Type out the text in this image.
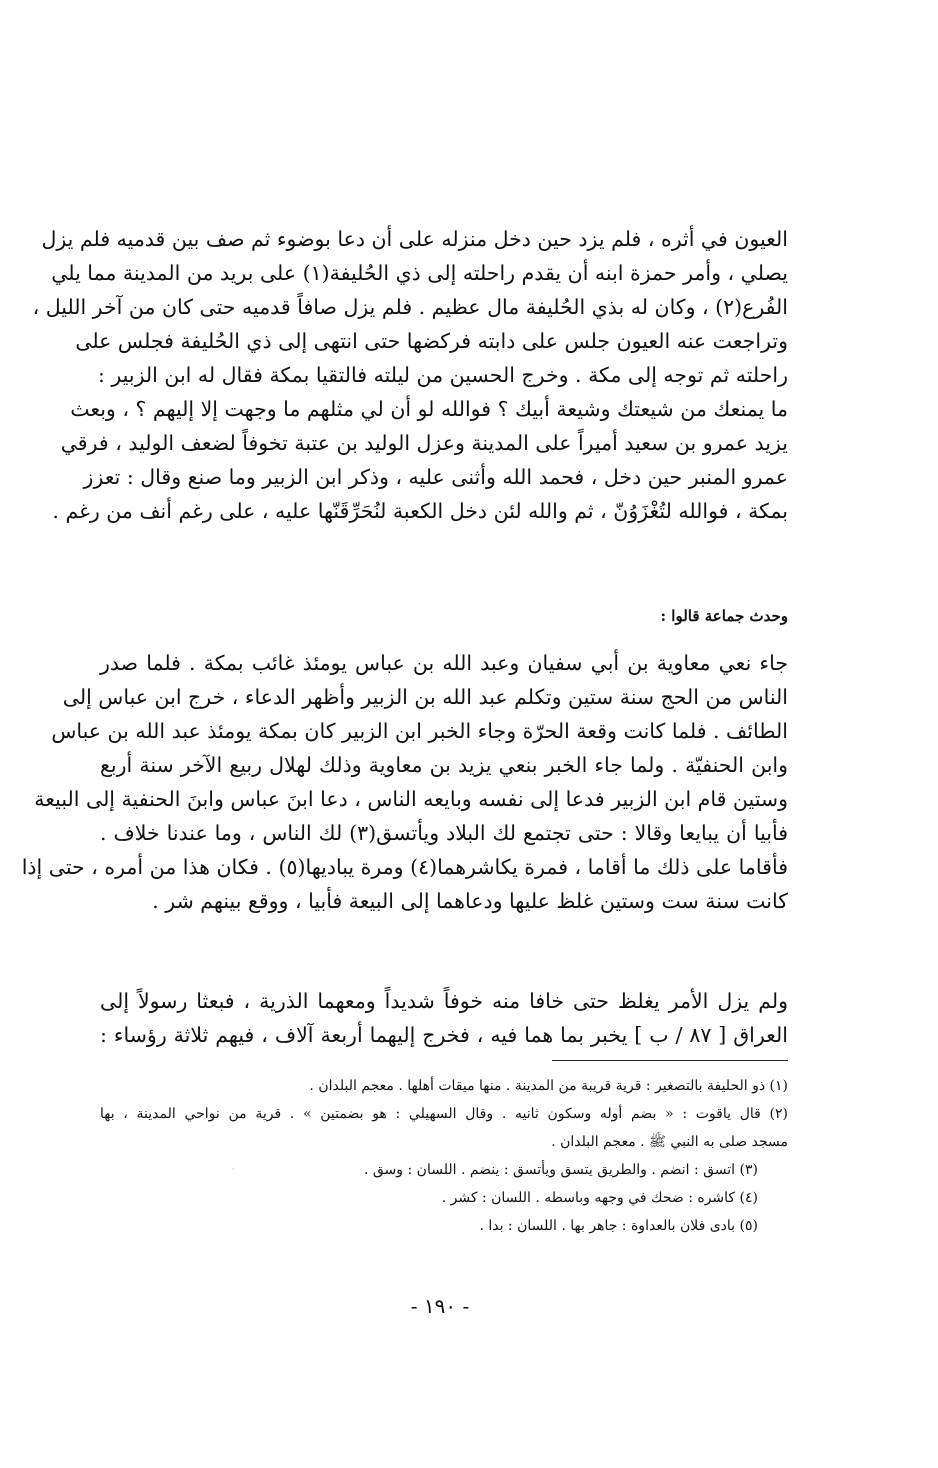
العيون في أثره ، فلم يزد حين دخل منزله على أن دعا بوضوء ثم صف بين قدميه فلم يزل
يصلي ، وأمر حمزة ابنه أن يقدم راحلته إلى ذي الحُليفة(١) على بريد من المدينة مما يلي
الفُرع(٢) ، وكان له بذي الحُليفة مال عظيم . فلم يزل صافاً قدميه حتى كان من آخر الليل ،
وتراجعت عنه العيون جلس على دابته فركضها حتى انتهى إلى ذي الحُليفة فجلس على
راحلته ثم توجه إلى مكة . وخرج الحسين من ليلته فالتقيا بمكة فقال له ابن الزبير :
ما يمنعك من شيعتك وشيعة أبيك ؟ فوالله لو أن لي مثلهم ما وجهت إلا إليهم ؟ ، وبعث
يزيد عمرو بن سعيد أميراً على المدينة وعزل الوليد بن عتبة تخوفاً لضعف الوليد ، فرقي
عمرو المنبر حين دخل ، فحمد الله وأثنى عليه ، وذكر ابن الزبير وما صنع وقال : تعزز
بمكة ، فوالله لتُغْزَوُنّ ، ثم والله لئن دخل الكعبة لنُحَرِّقَنّها عليه ، على رغم أنف من رغم .
وحدث جماعة قالوا :
جاء نعي معاوية بن أبي سفيان وعبد الله بن عباس يومئذ غائب بمكة . فلما صدر
الناس من الحج سنة ستين وتكلم عبد الله بن الزبير وأظهر الدعاء ، خرج ابن عباس إلى
الطائف . فلما كانت وقعة الحرّة وجاء الخبر ابن الزبير كان بمكة يومئذ عبد الله بن عباس
وابن الحنفيّة . ولما جاء الخبر بنعي يزيد بن معاوية وذلك لهلال ربيع الآخر سنة أربع
وستين قام ابن الزبير فدعا إلى نفسه وبايعه الناس ، دعا ابنَ عباس وابنَ الحنفية إلى البيعة
فأبيا أن يبايعا وقالا : حتى تجتمع لك البلاد ويأتسق(٣) لك الناس ، وما عندنا خلاف .
فأقاما على ذلك ما أقاما ، فمرة يكاشرهما(٤) ومرة يباديها(٥) . فكان هذا من أمره ، حتى إذا
كانت سنة ست وستين غلظ عليها ودعاهما إلى البيعة فأبيا ، ووقع بينهم شر .
ولم يزل الأمر يغلظ حتى خافا منه خوفاً شديداً ومعهما الذرية ، فبعثا رسولاً إلى
العراق [ ٨٧ / ب ] يخبر بما هما فيه ، فخرج إليهما أربعة آلاف ، فيهم ثلاثة رؤساء :
(١) ذو الحليفة بالتصغير : قرية قريبة من المدينة . منها ميقات أهلها . معجم البلدان .
(٢) قال ياقوت : « بضم أوله وسكون ثانيه . وقال السهيلي : هو بضمتين » . قرية من نواحي المدينة ، بها
مسجد صلى به النبي ﷺ . معجم البلدان .
(٣) اتسق : انضم . والطريق يتسق ويأتسق : ينضم . اللسان : وسق .
(٤) كاشره : ضحك في وجهه وباسطه . اللسان : كشر .
(٥) بادى فلان بالعداوة : جاهر بها . اللسان : بدا .
·
- ١٩٠ -
